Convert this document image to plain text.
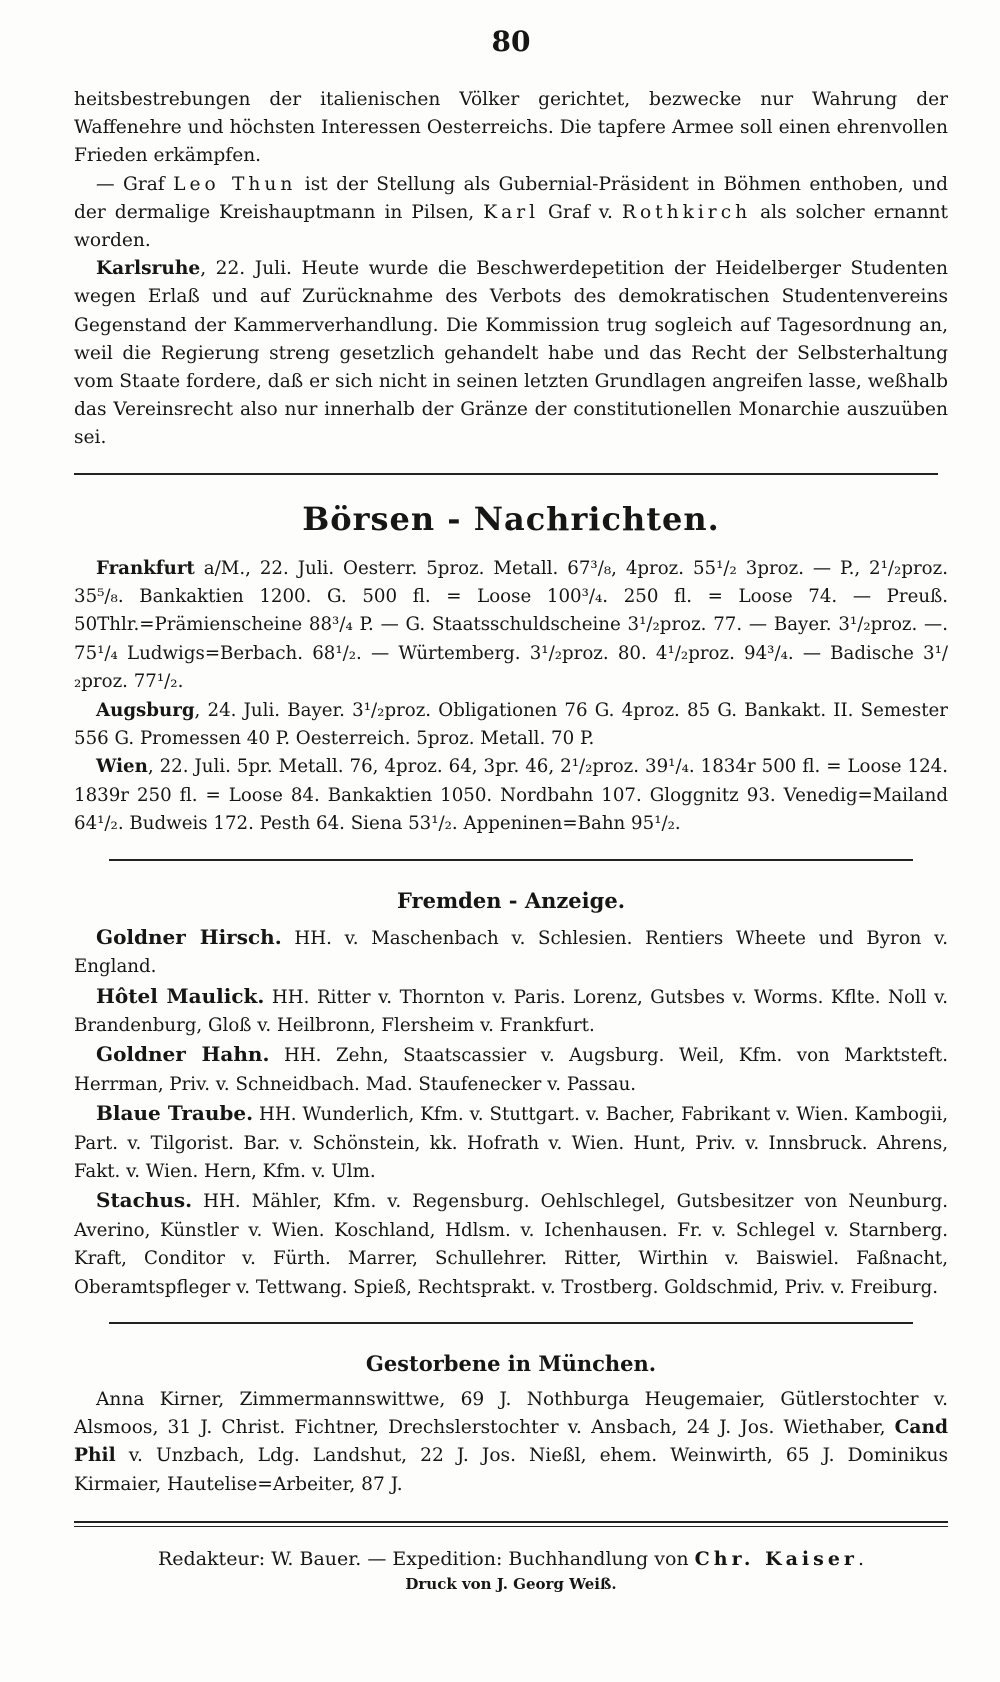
80

heitsbestrebungen der italienischen Völker gerichtet, bezwecke nur Wahrung der Waffenehre und höchsten Interessen Oesterreichs. Die tapfere Armee soll einen ehrenvollen Frieden erkämpfen.

— Graf Leo Thun ist der Stellung als Gubernial-Präsident in Böhmen enthoben, und der dermalige Kreishauptmann in Pilsen, Karl Graf v. Rothkirch als solcher ernannt worden.

Karlsruhe, 22. Juli. Heute wurde die Beschwerdepetition der Heidelberger Studenten wegen Erlaß und auf Zurücknahme des Verbots des demokratischen Studentenvereins Gegenstand der Kammerverhandlung. Die Kommission trug sogleich auf Tagesordnung an, weil die Regierung streng gesetzlich gehandelt habe und das Recht der Selbsterhaltung vom Staate fordere, daß er sich nicht in seinen letzten Grundlagen angreifen lasse, weßhalb das Vereinsrecht also nur innerhalb der Gränze der constitutionellen Monarchie auszuüben sei.

Börsen - Nachrichten.

Frankfurt a/M., 22. Juli. Oesterr. 5proz. Metall. 67³/₈, 4proz. 55¹/₂ 3proz. — P., 2¹/₂proz. 35⁵/₈. Bankaktien 1200. G. 500 fl. = Loose 100³/₄. 250 fl. = Loose 74. — Preuß. 50Thlr.=Prämienscheine 88³/₄ P. — G. Staatsschuldscheine 3¹/₂proz. 77. — Bayer. 3¹/₂proz. —. 75¹/₄ Ludwigs=Berbach. 68¹/₂. — Würtemberg. 3¹/₂proz. 80. 4¹/₂proz. 94³/₄. — Badische 3¹/₂proz. 77¹/₂.

Augsburg, 24. Juli. Bayer. 3¹/₂proz. Obligationen 76 G. 4proz. 85 G. Bankakt. II. Semester 556 G. Promessen 40 P. Oesterreich. 5proz. Metall. 70 P.

Wien, 22. Juli. 5pr. Metall. 76, 4proz. 64, 3pr. 46, 2¹/₂proz. 39¹/₄. 1834r 500 fl. = Loose 124. 1839r 250 fl. = Loose 84. Bankaktien 1050. Nordbahn 107. Gloggnitz 93. Venedig=Mailand 64¹/₂. Budweis 172. Pesth 64. Siena 53¹/₂. Appeninen=Bahn 95¹/₂.

Fremden - Anzeige.

Goldner Hirsch. HH. v. Maschenbach v. Schlesien. Rentiers Wheete und Byron v. England.

Hôtel Maulick. HH. Ritter v. Thornton v. Paris. Lorenz, Gutsbes v. Worms. Kflte. Noll v. Brandenburg, Gloß v. Heilbronn, Flersheim v. Frankfurt.

Goldner Hahn. HH. Zehn, Staatscassier v. Augsburg. Weil, Kfm. von Marktsteft. Herrman, Priv. v. Schneidbach. Mad. Staufenecker v. Passau.

Blaue Traube. HH. Wunderlich, Kfm. v. Stuttgart. v. Bacher, Fabrikant v. Wien. Kambogii, Part. v. Tilgorist. Bar. v. Schönstein, kk. Hofrath v. Wien. Hunt, Priv. v. Innsbruck. Ahrens, Fakt. v. Wien. Hern, Kfm. v. Ulm.

Stachus. HH. Mähler, Kfm. v. Regensburg. Oehlschlegel, Gutsbesitzer von Neunburg. Averino, Künstler v. Wien. Koschland, Hdlsm. v. Ichenhausen. Fr. v. Schlegel v. Starnberg. Kraft, Conditor v. Fürth. Marrer, Schullehrer. Ritter, Wirthin v. Baiswiel. Faßnacht, Oberamtspfleger v. Tettwang. Spieß, Rechtsprakt. v. Trostberg. Goldschmid, Priv. v. Freiburg.

Gestorbene in München.

Anna Kirner, Zimmermannswittwe, 69 J. Nothburga Heugemaier, Gütlerstochter v. Alsmoos, 31 J. Christ. Fichtner, Drechslerstochter v. Ansbach, 24 J. Jos. Wiethaber, Cand Phil v. Unzbach, Ldg. Landshut, 22 J. Jos. Nießl, ehem. Weinwirth, 65 J. Dominikus Kirmaier, Hautelise=Arbeiter, 87 J.

Redakteur: W. Bauer. — Expedition: Buchhandlung von Chr. Kaiser.
Druck von J. Georg Weiß.
